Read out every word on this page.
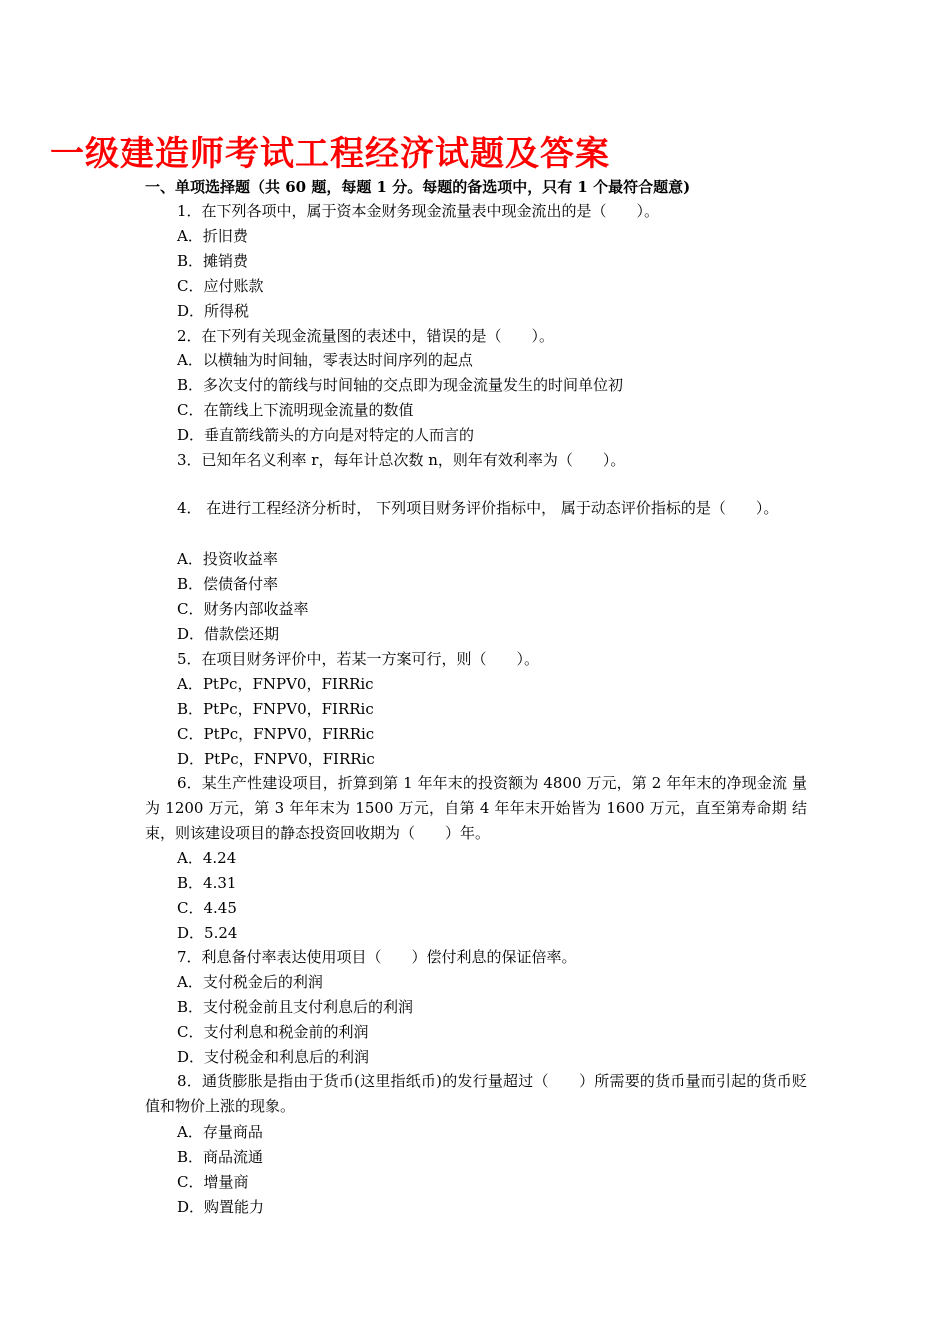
一级建造师考试工程经济试题及答案
一、单项选择题（共 60 题，每题 1 分。每题的备选项中，只有 1 个最符合题意)
1．在下列各项中，属于资本金财务现金流量表中现金流出的是（　　）。
A．折旧费
B．摊销费
C．应付账款
D．所得税
2．在下列有关现金流量图的表述中，错误的是（　　）。
A．以横轴为时间轴，零表达时间序列的起点
B．多次支付的箭线与时间轴的交点即为现金流量发生的时间单位初
C．在箭线上下流明现金流量的数值
D．垂直箭线箭头的方向是对特定的人而言的
3．已知年名义利率 r，每年计总次数 n，则年有效利率为（　　）。
4． 在进行工程经济分析时， 下列项目财务评价指标中， 属于动态评价指标的是（　　）。
A．投资收益率
B．偿债备付率
C．财务内部收益率
D．借款偿还期
5．在项目财务评价中，若某一方案可行，则（　　）。
A．PtPc，FNPV0，FIRRic
B．PtPc，FNPV0，FIRRic
C．PtPc，FNPV0，FIRRic
D．PtPc，FNPV0，FIRRic
6．某生产性建设项目，折算到第 1 年年末的投资额为 4800 万元，第 2 年年末的净现金流 量为 1200 万元，第 3 年年末为 1500 万元，自第 4 年年末开始皆为 1600 万元，直至第寿命期 结束，则该建设项目的静态投资回收期为（　　）年。
A．4.24
B．4.31
C．4.45
D．5.24
7．利息备付率表达使用项目（　　）偿付利息的保证倍率。
A．支付税金后的利润
B．支付税金前且支付利息后的利润
C．支付利息和税金前的利润
D．支付税金和利息后的利润
8．通货膨胀是指由于货币(这里指纸币)的发行量超过（　　）所需要的货币量而引起的货币贬值和物价上涨的现象。
A．存量商品
B．商品流通
C．增量商
D．购置能力
